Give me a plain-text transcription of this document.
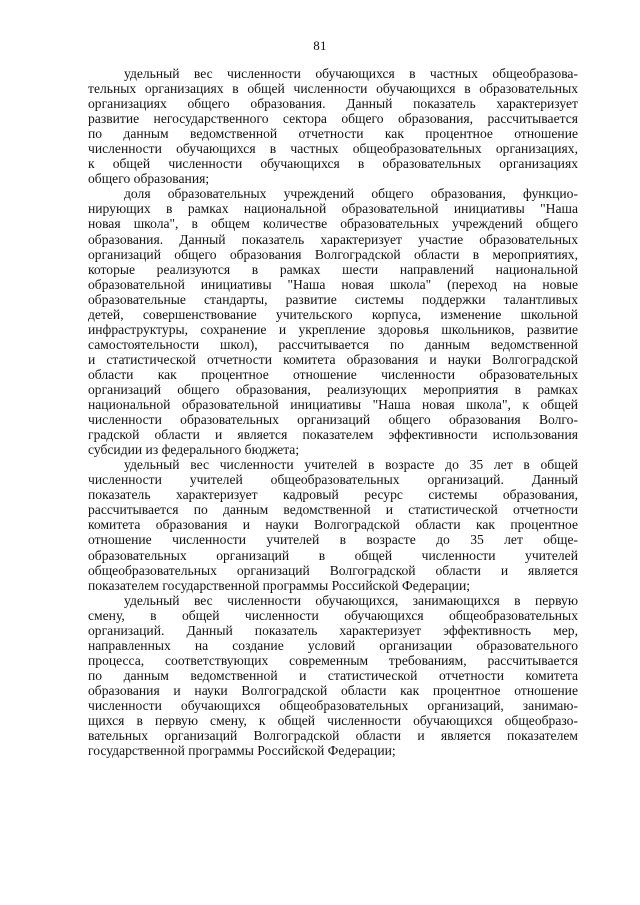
81
удельный вес численности обучающихся в частных общеобразова-
тельных организациях в общей численности обучающихся в образовательных
организациях общего образования. Данный показатель характеризует
развитие негосударственного сектора общего образования, рассчитывается
по данным ведомственной отчетности как процентное отношение
численности обучающихся в частных общеобразовательных организациях,
к общей численности обучающихся в образовательных организациях
общего образования;
доля образовательных учреждений общего образования, функцио-
нирующих в рамках национальной образовательной инициативы "Наша
новая школа", в общем количестве образовательных учреждений общего
образования. Данный показатель характеризует участие образовательных
организаций общего образования Волгоградской области в мероприятиях,
которые реализуются в рамках шести направлений национальной
образовательной инициативы "Наша новая школа" (переход на новые
образовательные стандарты, развитие системы поддержки талантливых
детей, совершенствование учительского корпуса, изменение школьной
инфраструктуры, сохранение и укрепление здоровья школьников, развитие
самостоятельности школ), рассчитывается по данным ведомственной
и статистической отчетности комитета образования и науки Волгоградской
области как процентное отношение численности образовательных
организаций общего образования, реализующих мероприятия в рамках
национальной образовательной инициативы "Наша новая школа", к общей
численности образовательных организаций общего образования Волго-
градской области и является показателем эффективности использования
субсидии из федерального бюджета;
удельный вес численности учителей в возрасте до 35 лет в общей
численности учителей общеобразовательных организаций. Данный
показатель характеризует кадровый ресурс системы образования,
рассчитывается по данным ведомственной и статистической отчетности
комитета образования и науки Волгоградской области как процентное
отношение численности учителей в возрасте до 35 лет обще-
образовательных организаций в общей численности учителей
общеобразовательных организаций Волгоградской области и является
показателем государственной программы Российской Федерации;
удельный вес численности обучающихся, занимающихся в первую
смену, в общей численности обучающихся общеобразовательных
организаций. Данный показатель характеризует эффективность мер,
направленных на создание условий организации образовательного
процесса, соответствующих современным требованиям, рассчитывается
по данным ведомственной и статистической отчетности комитета
образования и науки Волгоградской области как процентное отношение
численности обучающихся общеобразовательных организаций, занимаю-
щихся в первую смену, к общей численности обучающихся общеобразо-
вательных организаций Волгоградской области и является показателем
государственной программы Российской Федерации;
